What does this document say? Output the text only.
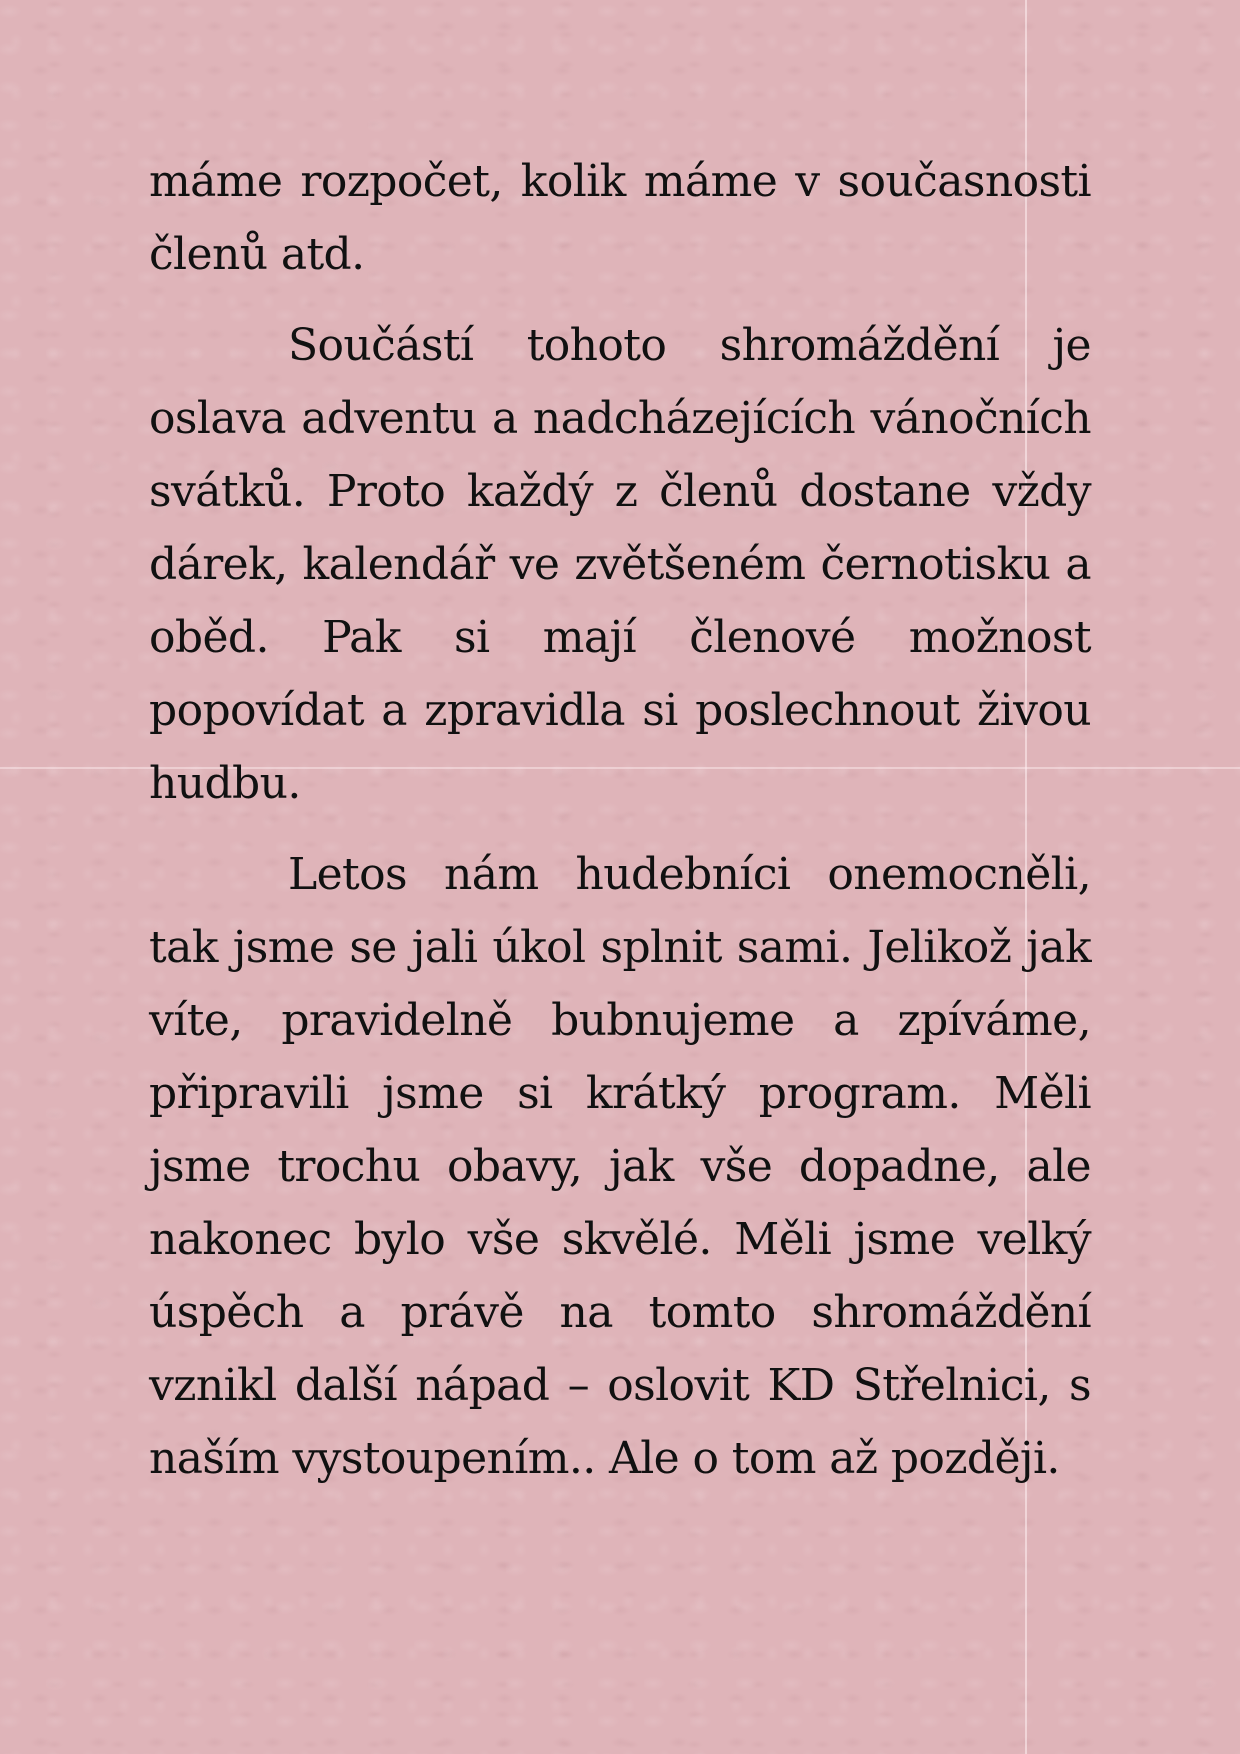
máme rozpočet, kolik máme v současnosti členů atd.

Součástí tohoto shromáždění je oslava adventu a nadcházejících vánočních svátků. Proto každý z členů dostane vždy dárek, kalendář ve zvětšeném černotisku a oběd. Pak si mají členové možnost popovídat a zpravidla si poslechnout živou hudbu.

Letos nám hudebníci onemocněli, tak jsme se jali úkol splnit sami. Jelikož jak víte, pravidelně bubnujeme a zpíváme, připravili jsme si krátký program. Měli jsme trochu obavy, jak vše dopadne, ale nakonec bylo vše skvělé. Měli jsme velký úspěch a právě na tomto shromáždění vznikl další nápad – oslovit KD Střelnici, s naším vystoupením.. Ale o tom až později.
